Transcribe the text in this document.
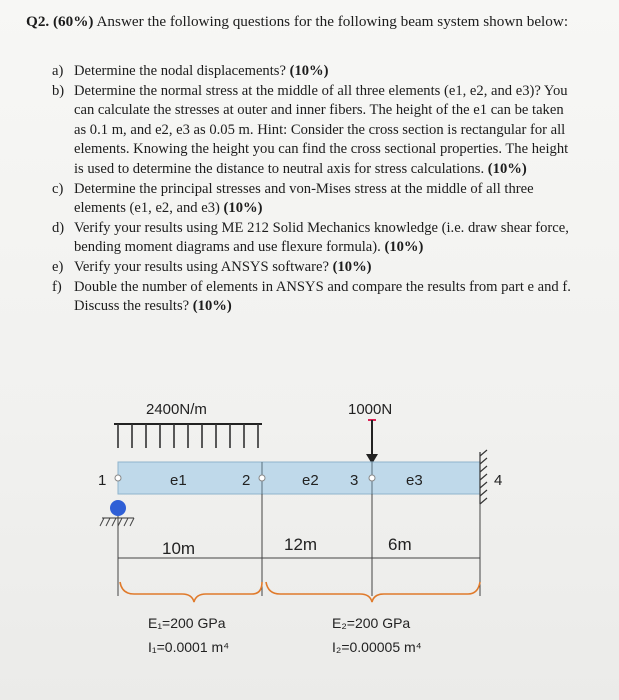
Q2. (60%) Answer the following questions for the following beam system shown below:
a) Determine the nodal displacements? (10%)
b) Determine the normal stress at the middle of all three elements (e1, e2, and e3)? You can calculate the stresses at outer and inner fibers. The height of the e1 can be taken as 0.1 m, and e2, e3 as 0.05 m. Hint: Consider the cross section is rectangular for all elements. Knowing the height you can find the cross sectional properties. The height is used to determine the distance to neutral axis for stress calculations. (10%)
c) Determine the principal stresses and von-Mises stress at the middle of all three elements (e1, e2, and e3) (10%)
d) Verify your results using ME 212 Solid Mechanics knowledge (i.e. draw shear force, bending moment diagrams and use flexure formula). (10%)
e) Verify your results using ANSYS software? (10%)
f) Double the number of elements in ANSYS and compare the results from part e and f. Discuss the results? (10%)
2400N/m	1000N
1	2	3	4
e1	e2	e3
10m	12m	6m
E₁=200 GPa
I₁=0.0001 m⁴
E₂=200 GPa
I₂=0.00005 m⁴
